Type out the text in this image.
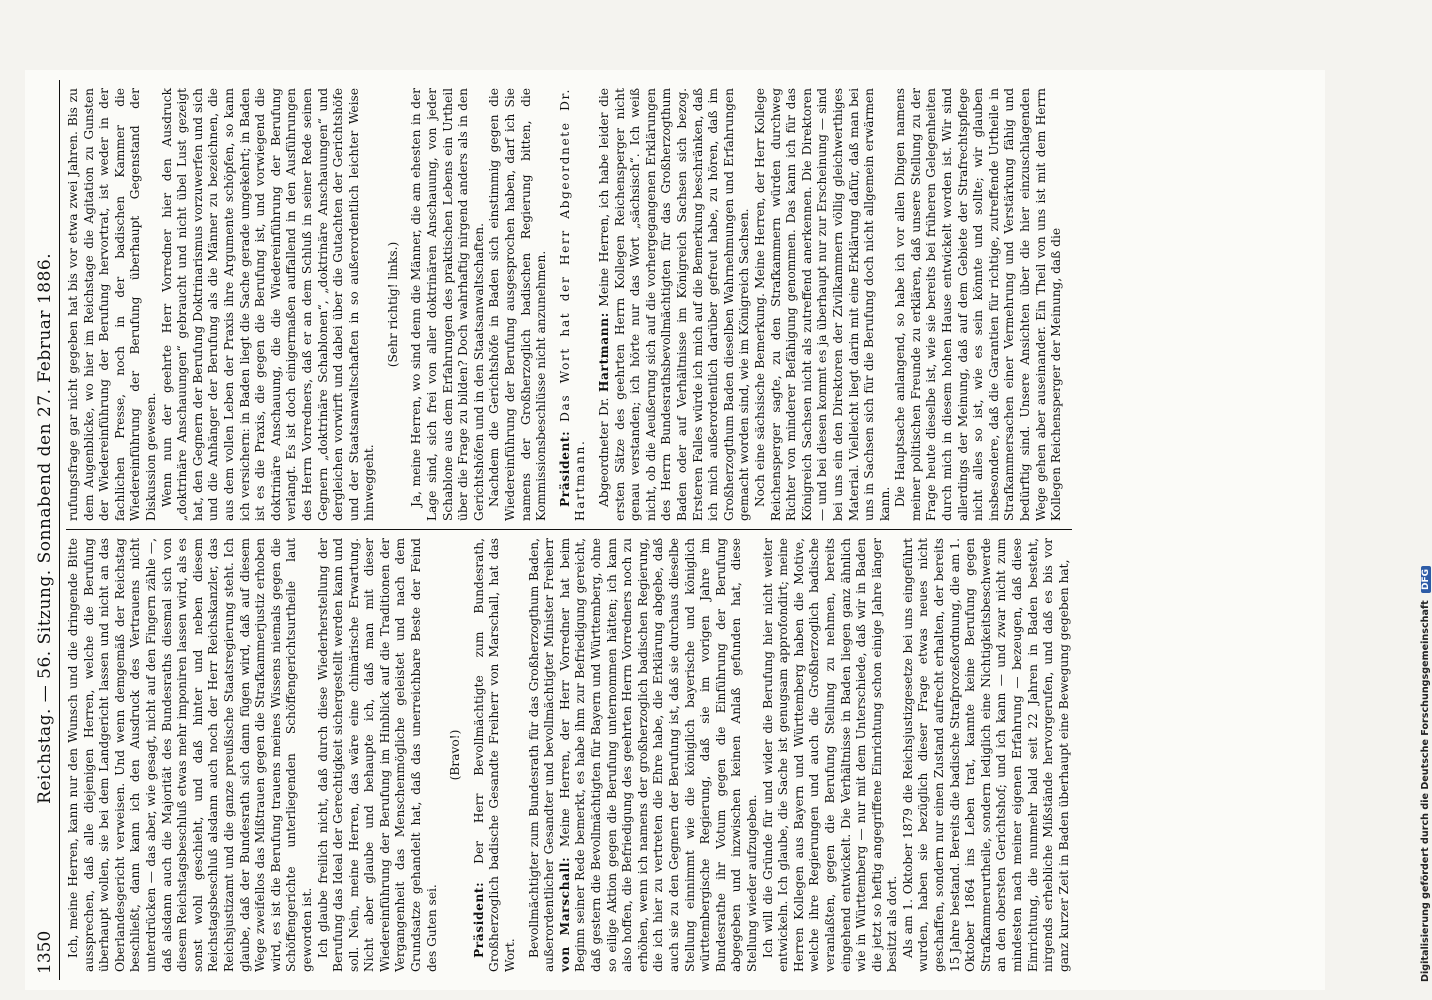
1350
Reichstag. — 56. Sitzung. Sonnabend den 27. Februar 1886. Ich, meine Herren, kann nur den Wunsch und die dringende Bitte aussprechen, daß alle diejenigen Herren, welche die Berufung überhaupt wollen, sie bei dem Landgericht lassen und nicht an das Oberlandesgericht verweisen. Und wenn demgemäß der Reichstag beschließt, dann kann ich den Ausdruck des Vertrauens nicht unterdrücken — das aber, wie gesagt, nicht auf den Fingern zähle —, daß alsdann auch die Majorität des Bundesraths diesmal sich von diesem Reichstagsbeschluß etwas mehr imponiren lassen wird, als es sonst wohl geschieht, und daß hinter und neben diesem Reichstagsbeschluß alsdann auch noch der Herr Reichskanzler, das Reichsjustizamt und die ganze preußische Staatsregierung steht. Ich glaube, daß der Bundesrath sich dann fügen wird, daß auf diesem Wege zweifellos das Mißtrauen gegen die Strafkammerjustiz erhoben wird, es ist die Berufung trauens meines Wissens niemals gegen die Schöffengerichte unterliegenden Schöffengerichtsurtheile laut geworden ist. Ich glaube freilich nicht, daß durch diese Wiederherstellung der Berufung das Ideal der Gerechtigkeit sichergestellt werden kann und soll. Nein, meine Herren, das wäre eine chimärische Erwartung. Nicht aber glaube und behaupte ich, daß man mit dieser Wiedereinführung der Berufung im Hinblick auf die Traditionen der Vergangenheit das Menschenmögliche geleistet und nach dem Grundsatze gehandelt hat, daß das unerreichbare Beste der Feind des Guten sei.

(Bravo!)

Präsident: Der Herr Bevollmächtigte zum Bundesrath, Großherzoglich badische Gesandte Freiherr von Marschall, hat das Wort. Bevollmächtigter zum Bundesrath für das Großherzogthum Baden, außerordentlicher Gesandter und bevollmächtigter Minister Freiherr von Marschall: Meine Herren, der Herr Vorredner hat beim Beginn seiner Rede bemerkt, es habe ihm zur Befriedigung gereicht, daß gestern die Bevollmächtigten für Bayern und Württemberg, ohne so eilige Aktion gegen die Berufung unternommen hätten; ich kann also hoffen, die Befriedigung des geehrten Herrn Vorredners noch zu erhöhen, wenn ich namens der großherzoglich badischen Regierung, die ich hier zu vertreten die Ehre habe, die Erklärung abgebe, daß auch sie zu den Gegnern der Berufung ist, daß sie durchaus dieselbe Stellung einnimmt wie die königlich bayerische und königlich württembergische Regierung, daß sie im vorigen Jahre im Bundesrathe ihr Votum gegen die Einführung der Berufung abgegeben und inzwischen keinen Anlaß gefunden hat, diese Stellung wieder aufzugeben. Ich will die Gründe für und wider die Berufung hier nicht weiter entwickeln. Ich glaube, die Sache ist genugsam approfondirt; meine Herren Kollegen aus Bayern und Württemberg haben die Motive, welche ihre Regierungen und auch die Großherzoglich badische veranlaßten, gegen die Berufung Stellung zu nehmen, bereits eingehend entwickelt. Die Verhältnisse in Baden liegen ganz ähnlich wie in Württemberg — nur mit dem Unterschiede, daß wir in Baden die jetzt so heftig angegriffene Einrichtung schon einige Jahre länger besitzt als dort. Als am 1. Oktober 1879 die Reichsjustizgesetze bei uns eingeführt wurden, haben sie bezüglich dieser Frage etwas neues nicht geschaffen, sondern nur einen Zustand aufrecht erhalten, der bereits 15 Jahre bestand. Bereits die badische Strafprozeßordnung, die am 1. Oktober 1864 ins Leben trat, kannte keine Berufung gegen Strafkammerurtheile, sondern lediglich eine Nichtigkeitsbeschwerde an den obersten Gerichtshof; und ich kann — und zwar nicht zum mindesten nach meiner eigenen Erfahrung — bezeugen, daß diese Einrichtung, die nunmehr bald seit 22 Jahren in Baden besteht, nirgends erhebliche Mißstände hervorgerufen, und daß es bis vor ganz kurzer Zeit in Baden überhaupt eine Bewegung gegeben hat,

rufungsfrage gar nicht gegeben hat bis vor etwa zwei Jahren. Bis zu dem Augenblicke, wo hier im Reichstage die Agitation zu Gunsten der Wiedereinführung der Berufung hervortrat, ist weder in der fachlichen Presse, noch in der badischen Kammer die Wiedereinführung der Berufung überhaupt Gegenstand der Diskussion gewesen. Wenn nun der geehrte Herr Vorredner hier den Ausdruck „doktrinäre Anschauungen“ gebraucht und nicht übel Lust gezeigt hat, den Gegnern der Berufung Doktrinarismus vorzuwerfen und sich und die Anhänger der Berufung als die Männer zu bezeichnen, die aus dem vollen Leben der Praxis ihre Argumente schöpfen, so kann ich versichern: in Baden liegt die Sache gerade umgekehrt; in Baden ist es die Praxis, die gegen die Berufung ist, und vorwiegend die doktrinäre Anschauung, die die Wiedereinführung der Berufung verlangt. Es ist doch einigermaßen auffallend in den Ausführungen des Herrn Vorredners, daß er an dem Schluß in seiner Rede seinen Gegnern „doktrinäre Schablonen“, „doktrinäre Anschauungen“ und dergleichen vorwirft und dabei über die Gutachten der Gerichtshöfe und der Staatsanwaltschaften in so außerordentlich leichter Weise hinweggeht.

(Sehr richtig! links.) Ja, meine Herren, wo sind denn die Männer, die am ehesten in der Lage sind, sich frei von aller doktrinären Anschauung, von jeder Schablone aus dem Erfahrungen des praktischen Lebens ein Urtheil über die Frage zu bilden? Doch wahrhaftig nirgend anders als in den Gerichtshöfen und in den Staatsanwaltschaften. Nachdem die Gerichtshöfe in Baden sich einstimmig gegen die Wiedereinführung der Berufung ausgesprochen haben, darf ich Sie namens der Großherzoglich badischen Regierung bitten, die Kommissionsbeschlüsse nicht anzunehmen. Präsident: Das Wort hat der Herr Abgeordnete Dr. Hartmann. Abgeordneter Dr. Hartmann: Meine Herren, ich habe leider die ersten Sätze des geehrten Herrn Kollegen Reichensperger nicht genau verstanden; ich hörte nur das Wort „sächsisch“. Ich weiß nicht, ob die Aeußerung sich auf die vorhergegangenen Erklärungen des Herrn Bundesrathsbevollmächtigten für das Großherzogthum Baden oder auf Verhältnisse im Königreich Sachsen sich bezog. Ersteren Falles würde ich mich auf die Bemerkung beschränken, daß ich mich außerordentlich darüber gefreut habe, zu hören, daß im Großherzogthum Baden dieselben Wahrnehmungen und Erfahrungen gemacht worden sind, wie im Königreich Sachsen. Noch eine sächsische Bemerkung. Meine Herren, der Herr Kollege Reichensperger sagte, zu den Strafkammern würden durchweg Richter von minderer Befähigung genommen. Das kann ich für das Königreich Sachsen nicht als zutreffend anerkennen. Die Direktoren — und bei diesen kommt es ja überhaupt nur zur Erscheinung — sind bei uns ein den Direktoren der Zivilkammern völlig gleichwerthiges Material. Vielleicht liegt darin mit eine Erklärung dafür, daß man bei uns in Sachsen sich für die Berufung doch nicht allgemein erwärmen kann. Die Hauptsache anlangend, so habe ich vor allen Dingen namens meiner politischen Freunde zu erklären, daß unsere Stellung zu der Frage heute dieselbe ist, wie sie bereits bei früheren Gelegenheiten durch mich in diesem hohen Hause entwickelt worden ist. Wir sind allerdings der Meinung, daß auf dem Gebiete der Strafrechtspflege nicht alles so ist, wie es sein könnte und sollte; wir glauben insbesondere, daß die Garantien für richtige, zutreffende Urtheile in Strafkammersachen einer Vermehrung und Verstärkung fähig und bedürftig sind. Unsere Ansichten über die hier einzuschlagenden Wege gehen aber auseinander. Ein Theil von uns ist mit dem Herrn Kollegen Reichensperger der Meinung, daß die

Digitalisierung gefördert durch die Deutsche Forschungsgemeinschaft DFG
